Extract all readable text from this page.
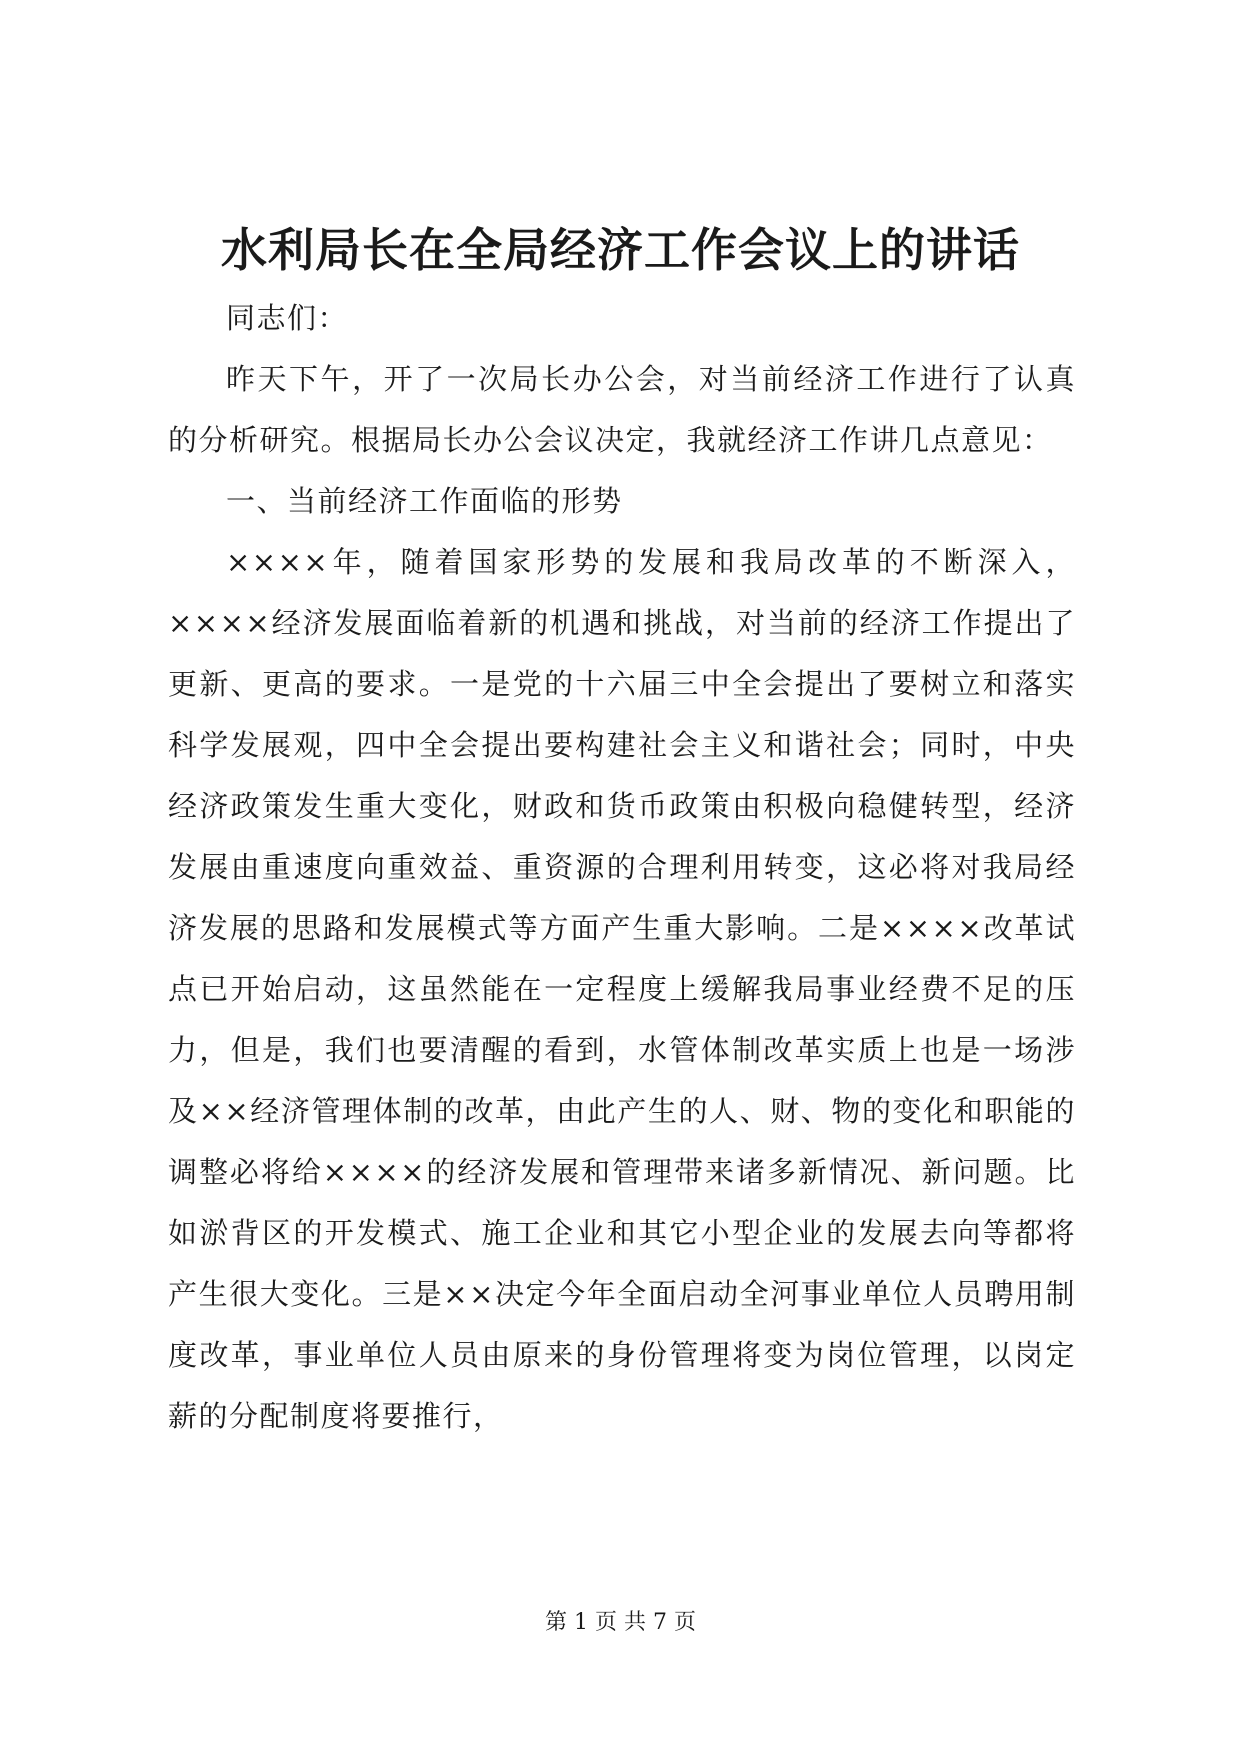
水利局长在全局经济工作会议上的讲话

同志们：

昨天下午，开了一次局长办公会，对当前经济工作进行了认真的分析研究。根据局长办公会议决定，我就经济工作讲几点意见：

一、当前经济工作面临的形势

××××年，随着国家形势的发展和我局改革的不断深入，××××经济发展面临着新的机遇和挑战，对当前的经济工作提出了更新、更高的要求。一是党的十六届三中全会提出了要树立和落实科学发展观，四中全会提出要构建社会主义和谐社会；同时，中央经济政策发生重大变化，财政和货币政策由积极向稳健转型，经济发展由重速度向重效益、重资源的合理利用转变，这必将对我局经济发展的思路和发展模式等方面产生重大影响。二是××××改革试点已开始启动，这虽然能在一定程度上缓解我局事业经费不足的压力，但是，我们也要清醒的看到，水管体制改革实质上也是一场涉及××经济管理体制的改革，由此产生的人、财、物的变化和职能的调整必将给××××的经济发展和管理带来诸多新情况、新问题。比如淤背区的开发模式、施工企业和其它小型企业的发展去向等都将产生很大变化。三是××决定今年全面启动全河事业单位人员聘用制度改革，事业单位人员由原来的身份管理将变为岗位管理，以岗定薪的分配制度将要推行，

第 1 页 共 7 页
